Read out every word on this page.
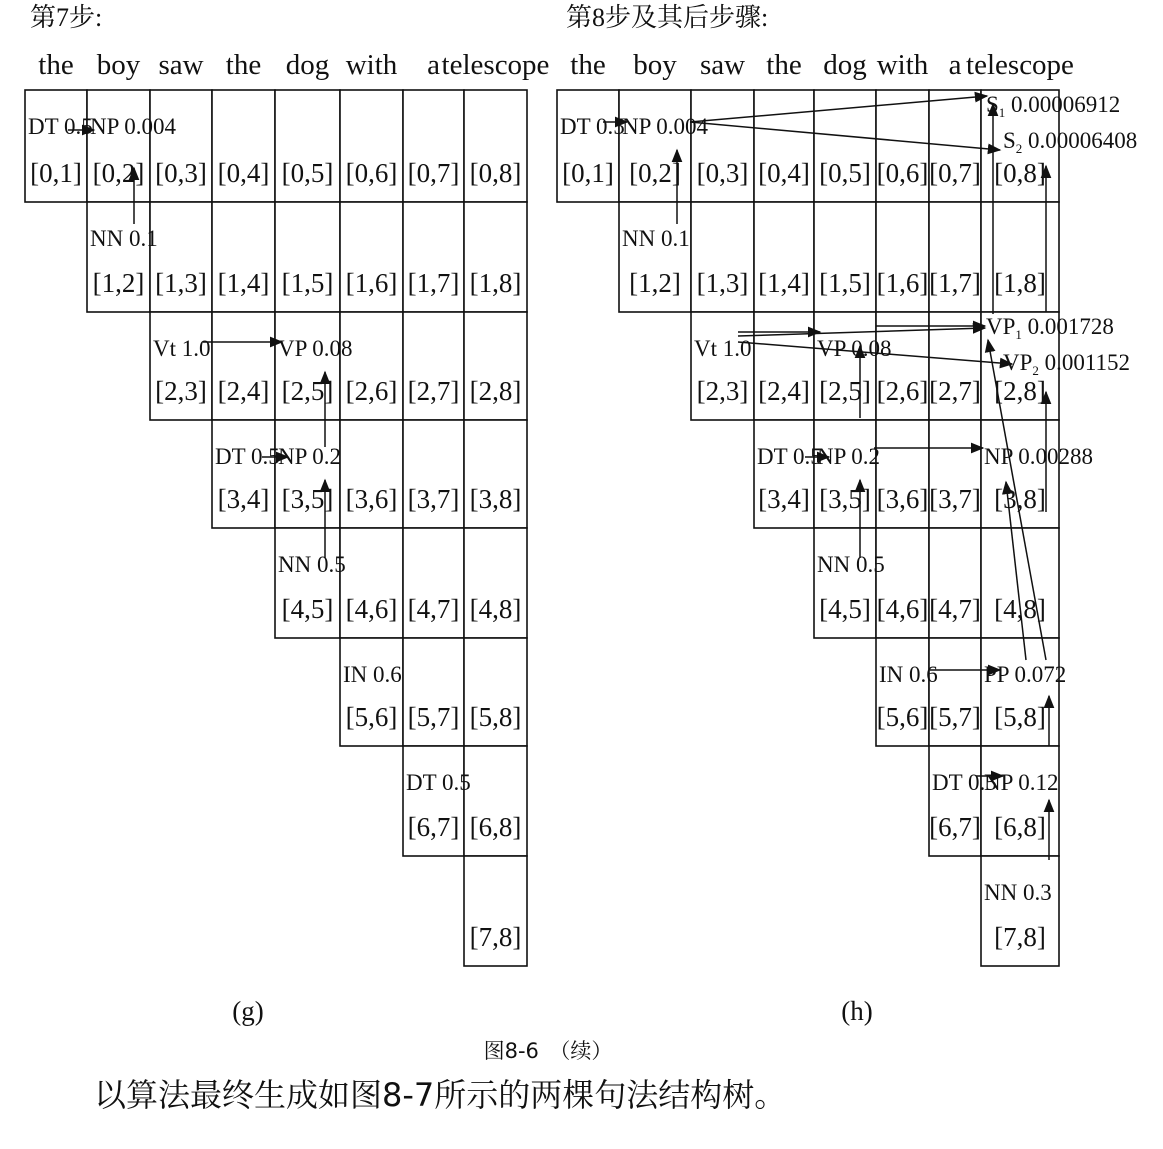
第7步:
the boy saw the dog with a telescope
[0,1] [0,2] [0,3] [0,4] [0,5] [0,6] [0,7] [0,8]
[1,2] [1,3] [1,4] [1,5] [1,6] [1,7] [1,8]
[2,3] [2,4] [2,5] [2,6] [2,7] [2,8]
[3,4] [3,5] [3,6] [3,7] [3,8]
[4,5] [4,6] [4,7] [4,8]
[5,6] [5,7] [5,8]
[6,7] [6,8]
[7,8]
DT 0.5
NP 0.004
NN 0.1
Vt 1.0	VP 0.08
DT 0.5
NP 0.2
NN 0.5
IN 0.6
DT 0.5
(g)
第8步及其后步骤:
the boy saw the dog with a telescope
[0,1] [0,2] [0,3] [0,4] [0,5] [0,6] [0,7] [0,8]
[1,2] [1,3] [1,4] [1,5] [1,6] [1,7] [1,8]
[2,3] [2,4] [2,5] [2,6] [2,7] [2,8]
[3,4] [3,5] [3,6] [3,7] [3,8]
[4,5] [4,6] [4,7] [4,8]
[5,6] [5,7] [5,8]
[6,7] [6,8]
[7,8]
DT 0.5
NP 0.004
NN 0.1
Vt 1.0	VP 0.08
DT 0.5
NP 0.2
NN 0.5
IN 0.6 PP 0.072
DT 0.5
NP 0.12
NN 0.3
NP 0.00288
$S_1$ 0.00006912
$S_2$ 0.00006408
$VP_1$ 0.001728
$VP_2$ 0.001152
(h)
图8-6　（续）
以算法最终生成如图8-7所示的两棵句法结构树。
